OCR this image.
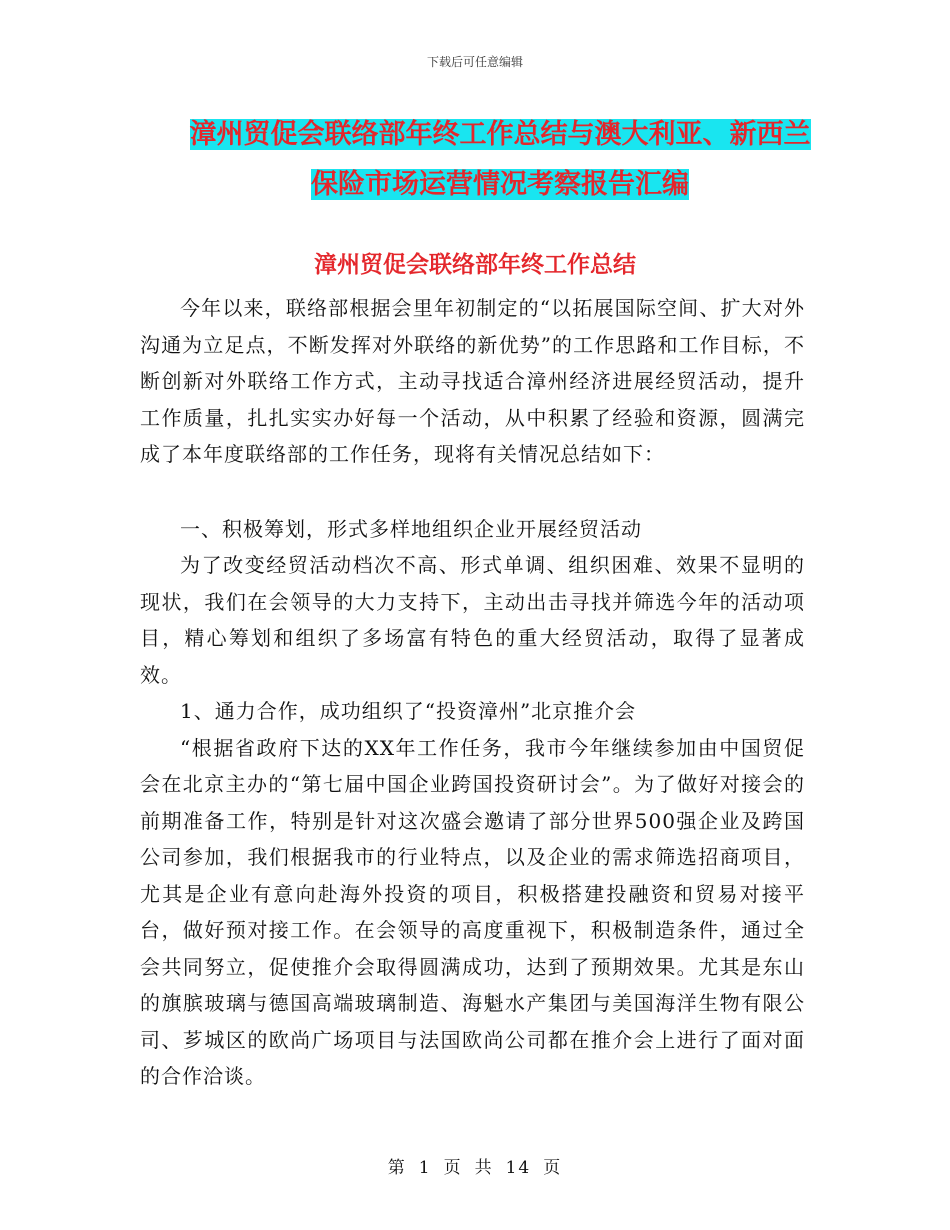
下载后可任意编辑
漳州贸促会联络部年终工作总结与澳大利亚、新西兰
保险市场运营情况考察报告汇编
漳州贸促会联络部年终工作总结

今年以来，联络部根据会里年初制定的“以拓展国际空间、扩大对外沟通为立足点，不断发挥对外联络的新优势”的工作思路和工作目标，不断创新对外联络工作方式，主动寻找适合漳州经济进展经贸活动，提升工作质量，扎扎实实办好每一个活动，从中积累了经验和资源，圆满完成了本年度联络部的工作任务，现将有关情况总结如下：

一、积极筹划，形式多样地组织企业开展经贸活动

为了改变经贸活动档次不高、形式单调、组织困难、效果不显明的现状，我们在会领导的大力支持下，主动出击寻找并筛选今年的活动项目，精心筹划和组织了多场富有特色的重大经贸活动，取得了显著成效。

1、通力合作，成功组织了“投资漳州”北京推介会

“根据省政府下达的XX年工作任务，我市今年继续参加由中国贸促会在北京主办的“第七届中国企业跨国投资研讨会”。为了做好对接会的前期准备工作，特别是针对这次盛会邀请了部分世界500强企业及跨国公司参加，我们根据我市的行业特点，以及企业的需求筛选招商项目，尤其是企业有意向赴海外投资的项目，积极搭建投融资和贸易对接平台，做好预对接工作。在会领导的高度重视下，积极制造条件，通过全会共同努立，促使推介会取得圆满成功，达到了预期效果。尤其是东山的旗膑玻璃与德国高端玻璃制造、海魁水产集团与美国海洋生物有限公司、芗城区的欧尚广场项目与法国欧尚公司都在推介会上进行了面对面的合作洽谈。

第 1 页 共 14 页
